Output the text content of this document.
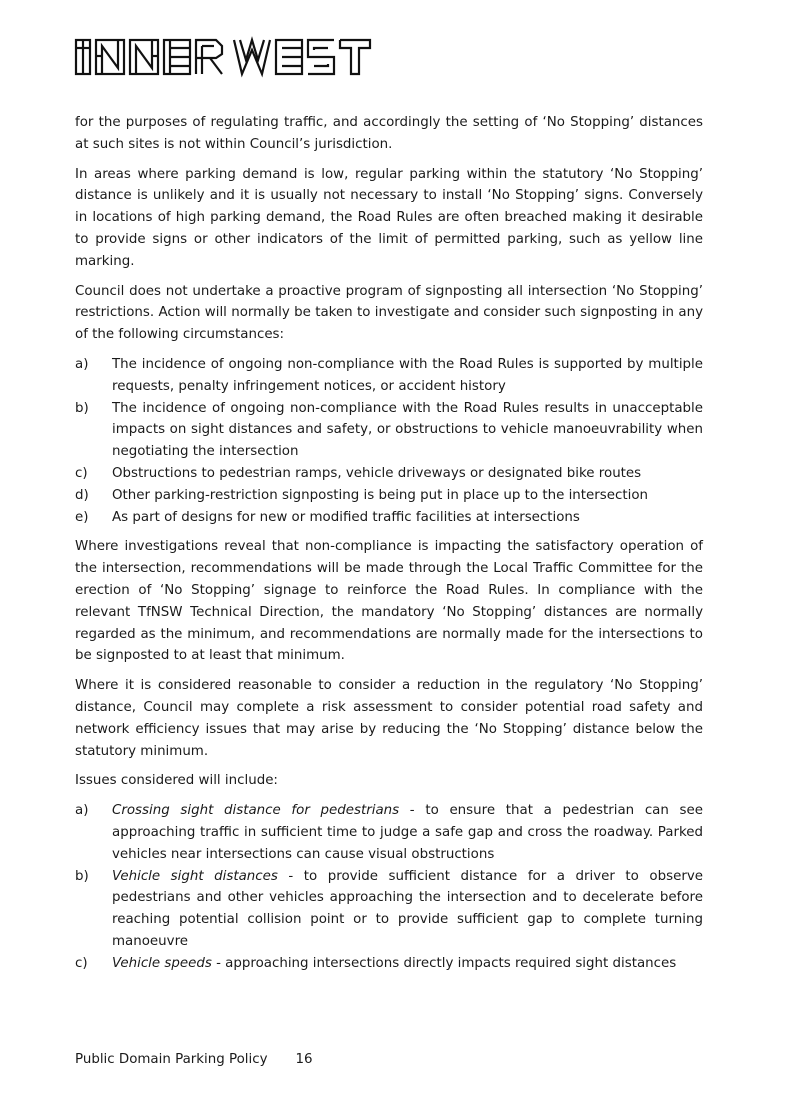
for the purposes of regulating traffic, and accordingly the setting of ‘No Stopping’ distances at such sites is not within Council’s jurisdiction.

In areas where parking demand is low, regular parking within the statutory ‘No Stopping’ distance is unlikely and it is usually not necessary to install ‘No Stopping’ signs. Conversely in locations of high parking demand, the Road Rules are often breached making it desirable to provide signs or other indicators of the limit of permitted parking, such as yellow line marking.

Council does not undertake a proactive program of signposting all intersection ‘No Stopping’ restrictions. Action will normally be taken to investigate and consider such signposting in any of the following circumstances:

a) The incidence of ongoing non-compliance with the Road Rules is supported by multiple requests, penalty infringement notices, or accident history
b) The incidence of ongoing non-compliance with the Road Rules results in unacceptable impacts on sight distances and safety, or obstructions to vehicle manoeuvrability when negotiating the intersection
c) Obstructions to pedestrian ramps, vehicle driveways or designated bike routes
d) Other parking-restriction signposting is being put in place up to the intersection
e) As part of designs for new or modified traffic facilities at intersections

Where investigations reveal that non-compliance is impacting the satisfactory operation of the intersection, recommendations will be made through the Local Traffic Committee for the erection of ‘No Stopping’ signage to reinforce the Road Rules. In compliance with the relevant TfNSW Technical Direction, the mandatory ‘No Stopping’ distances are normally regarded as the minimum, and recommendations are normally made for the intersections to be signposted to at least that minimum.

Where it is considered reasonable to consider a reduction in the regulatory ‘No Stopping’ distance, Council may complete a risk assessment to consider potential road safety and network efficiency issues that may arise by reducing the ‘No Stopping’ distance below the statutory minimum.

Issues considered will include:

a) Crossing sight distance for pedestrians - to ensure that a pedestrian can see approaching traffic in sufficient time to judge a safe gap and cross the roadway. Parked vehicles near intersections can cause visual obstructions
b) Vehicle sight distances - to provide sufficient distance for a driver to observe pedestrians and other vehicles approaching the intersection and to decelerate before reaching potential collision point or to provide sufficient gap to complete turning manoeuvre
c) Vehicle speeds - approaching intersections directly impacts required sight distances
Public Domain Parking Policy 16
